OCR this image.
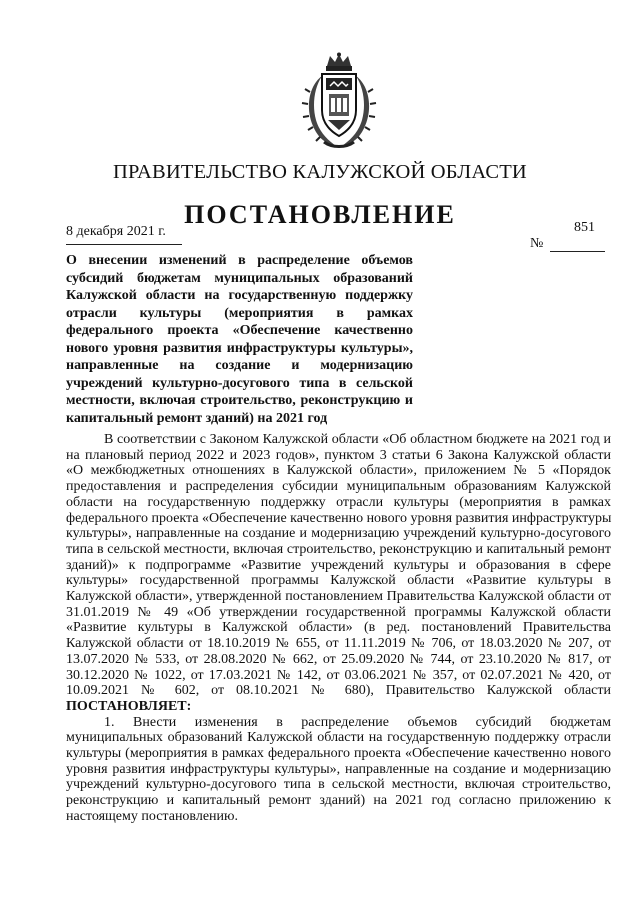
ПРАВИТЕЛЬСТВО КАЛУЖСКОЙ ОБЛАСТИ
ПОСТАНОВЛЕНИЕ
8 декабря 2021 г.	851
№
О внесении изменений в распределение объемов
субсидий бюджетам муниципальных образований
Калужской области на государственную поддержку
отрасли культуры (мероприятия в рамках
федерального проекта «Обеспечение качественно
нового уровня развития инфраструктуры культуры»,
направленные на создание и модернизацию
учреждений культурно-досугового типа в сельской
местности, включая строительство, реконструкцию и
капитальный ремонт зданий) на 2021 год
В соответствии с Законом Калужской области «Об областном бюджете на 2021 год и
на плановый период 2022 и 2023 годов», пунктом 3 статьи 6 Закона Калужской области
«О межбюджетных отношениях в Калужской области», приложением № 5 «Порядок
предоставления и распределения субсидии муниципальным образованиям Калужской
области на государственную поддержку отрасли культуры (мероприятия в рамках
федерального проекта «Обеспечение качественно нового уровня развития инфраструктуры
культуры», направленные на создание и модернизацию учреждений культурно-досугового
типа в сельской местности, включая строительство, реконструкцию и капитальный ремонт
зданий)» к подпрограмме «Развитие учреждений культуры и образования в сфере
культуры» государственной программы Калужской области «Развитие культуры в
Калужской области», утвержденной постановлением Правительства Калужской области от
31.01.2019 № 49 «Об утверждении государственной программы Калужской области
«Развитие культуры в Калужской области» (в ред. постановлений Правительства
Калужской области от 18.10.2019 № 655, от 11.11.2019 № 706, от 18.03.2020 № 207, от
13.07.2020 № 533, от 28.08.2020 № 662, от 25.09.2020 № 744, от 23.10.2020 № 817, от
30.12.2020 № 1022, от 17.03.2021 № 142, от 03.06.2021 № 357, от 02.07.2021 № 420, от
10.09.2021 № 602, от 08.10.2021 № 680), Правительство Калужской области
ПОСТАНОВЛЯЕТ:
1. Внести изменения в распределение объемов субсидий бюджетам
муниципальных образований Калужской области на государственную поддержку отрасли
культуры (мероприятия в рамках федерального проекта «Обеспечение качественно нового
уровня развития инфраструктуры культуры», направленные на создание и модернизацию
учреждений культурно-досугового типа в сельской местности, включая строительство,
реконструкцию и капитальный ремонт зданий) на 2021 год согласно приложению к
настоящему постановлению.
